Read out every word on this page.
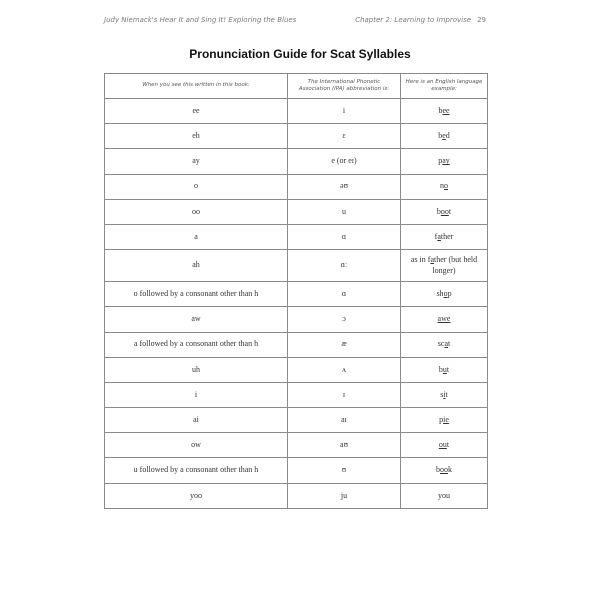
Judy Niemack's Hear It and Sing It! Exploring the Blues	Chapter 2: Learning to Improvise 29
Pronunciation Guide for Scat Syllables
When you see this written in this book:	The International Phonetic Association (IPA) abbreviation is:	Here is an English language example:
ee	i	bee
eh	ɛ	bed
ay	e (or eɪ)	pay
o	əʊ	no
oo	u	boot
a	ɑ	father
ah	ɑː	as in father (but held longer)
o followed by a consonant other than h	ɑ	shop
aw	ɔ	awe
a followed by a consonant other than h	æ	scat
uh	ʌ	but
i	ɪ	sit
ai	aɪ	pie
ow	aʊ	out
u followed by a consonant other than h	ʊ	book
yoo	ju	you
